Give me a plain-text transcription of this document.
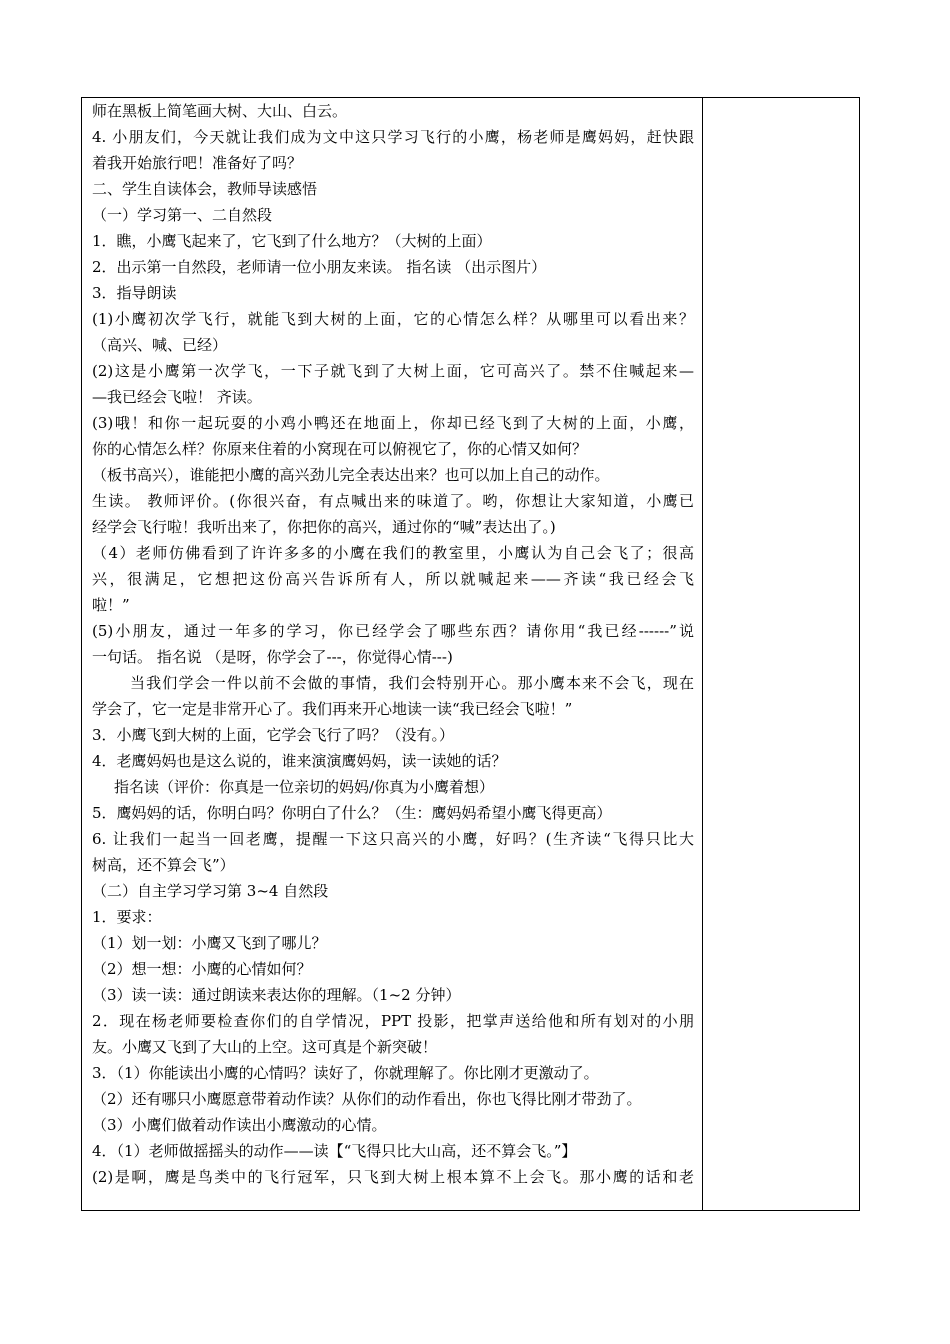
师在黑板上简笔画大树、大山、白云。
4. 小朋友们，今天就让我们成为文中这只学习飞行的小鹰，杨老师是鹰妈妈，赶快跟
着我开始旅行吧！准备好了吗？
二、学生自读体会，教师导读感悟
（一）学习第一、二自然段
1．瞧，小鹰飞起来了，它飞到了什么地方？（大树的上面）
2．出示第一自然段，老师请一位小朋友来读。 指名读 （出示图片）
3．指导朗读
(1)小鹰初次学飞行，就能飞到大树的上面，它的心情怎么样？从哪里可以看出来？
（高兴、喊、已经）
(2)这是小鹰第一次学飞，一下子就飞到了大树上面，它可高兴了。禁不住喊起来—
—我已经会飞啦！ 齐读。
(3)哦！和你一起玩耍的小鸡小鸭还在地面上，你却已经飞到了大树的上面，小鹰，
你的心情怎么样？你原来住着的小窝现在可以俯视它了，你的心情又如何？
（板书高兴），谁能把小鹰的高兴劲儿完全表达出来？也可以加上自己的动作。
生读。 教师评价。(你很兴奋，有点喊出来的味道了。哟，你想让大家知道，小鹰已
经学会飞行啦！我听出来了，你把你的高兴，通过你的“喊”表达出了。)
（4）老师仿佛看到了许许多多的小鹰在我们的教室里，小鹰认为自己会飞了；很高
兴，很满足，它想把这份高兴告诉所有人，所以就喊起来——齐读“我已经会飞
啦！”
(5)小朋友，通过一年多的学习，你已经学会了哪些东西？请你用“我已经------”说
一句话。 指名说 （是呀，你学会了---，你觉得心情---)
当我们学会一件以前不会做的事情，我们会特别开心。那小鹰本来不会飞，现在
学会了，它一定是非常开心了。我们再来开心地读一读“我已经会飞啦！”
3．小鹰飞到大树的上面，它学会飞行了吗？（没有。）
4．老鹰妈妈也是这么说的，谁来演演鹰妈妈，读一读她的话？
指名读（评价：你真是一位亲切的妈妈/你真为小鹰着想）
5．鹰妈妈的话，你明白吗？你明白了什么？（生：鹰妈妈希望小鹰飞得更高）
6. 让我们一起当一回老鹰，提醒一下这只高兴的小鹰，好吗？(生齐读“飞得只比大
树高，还不算会飞”）
（二）自主学习学习第 3~4 自然段
1．要求：
（1）划一划：小鹰又飞到了哪儿？
（2）想一想：小鹰的心情如何？
（3）读一读：通过朗读来表达你的理解。（1~2 分钟）
2．现在杨老师要检查你们的自学情况，PPT 投影，把掌声送给他和所有划对的小朋
友。小鹰又飞到了大山的上空。这可真是个新突破！
3．（1）你能读出小鹰的心情吗？读好了，你就理解了。你比刚才更激动了。
（2）还有哪只小鹰愿意带着动作读？从你们的动作看出，你也飞得比刚才带劲了。
（3）小鹰们做着动作读出小鹰激动的心情。
4．（1）老师做摇摇头的动作——读【“飞得只比大山高，还不算会飞。”】
(2)是啊，鹰是鸟类中的飞行冠军，只飞到大树上根本算不上会飞。那小鹰的话和老
